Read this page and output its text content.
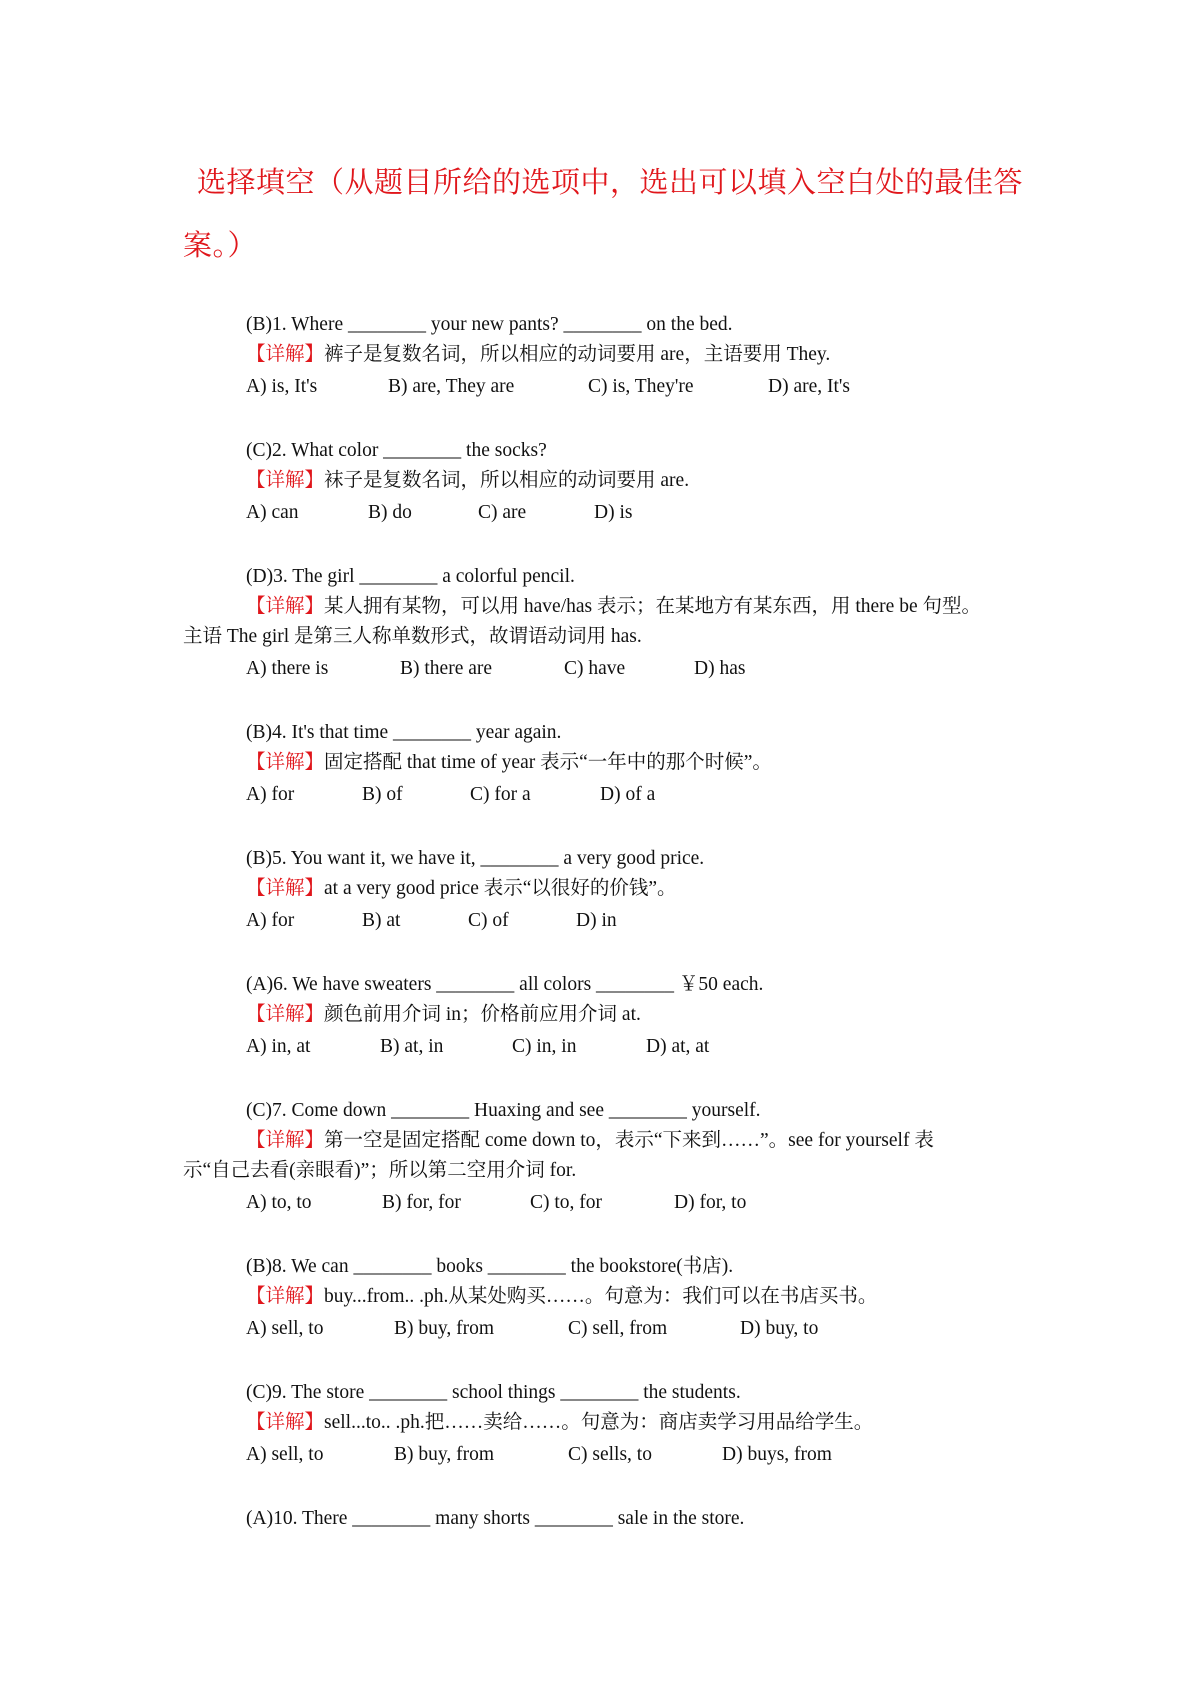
选择填空（从题目所给的选项中，选出可以填入空白处的最佳答
案。）
(B)1. Where ________ your new pants? ________ on the bed.
【详解】裤子是复数名词，所以相应的动词要用 are，主语要用 They.
A) is, It's	B) are, They are	C) is, They're	D) are, It's
(C)2. What color ________ the socks?
【详解】袜子是复数名词，所以相应的动词要用 are.
A) can	B) do	C) are	D) is
(D)3. The girl ________ a colorful pencil.
【详解】某人拥有某物，可以用 have/has 表示；在某地方有某东西，用 there be 句型。
主语 The girl 是第三人称单数形式，故谓语动词用 has.
A) there is	B) there are	C) have	D) has
(B)4. It's that time ________ year again.
【详解】固定搭配 that time of year 表示“一年中的那个时候”。
A) for	B) of	C) for a	D) of a
(B)5. You want it, we have it, ________ a very good price.
【详解】at a very good price 表示“以很好的价钱”。
A) for	B) at	C) of	D) in
(A)6. We have sweaters ________ all colors ________ ￥50 each.
【详解】颜色前用介词 in；价格前应用介词 at.
A) in, at	B) at, in	C) in, in	D) at, at
(C)7. Come down ________ Huaxing and see ________ yourself.
【详解】第一空是固定搭配 come down to，表示“下来到……”。see for yourself 表
示“自己去看(亲眼看)”；所以第二空用介词 for.
A) to, to	B) for, for	C) to, for	D) for, to
(B)8. We can ________ books ________ the bookstore(书店).
【详解】buy...from.. .ph.从某处购买……。句意为：我们可以在书店买书。
A) sell, to	B) buy, from	C) sell, from	D) buy, to
(C)9. The store ________ school things ________ the students.
【详解】sell...to.. .ph.把……卖给……。句意为：商店卖学习用品给学生。
A) sell, to	B) buy, from	C) sells, to	D) buys, from
(A)10. There ________ many shorts ________ sale in the store.
